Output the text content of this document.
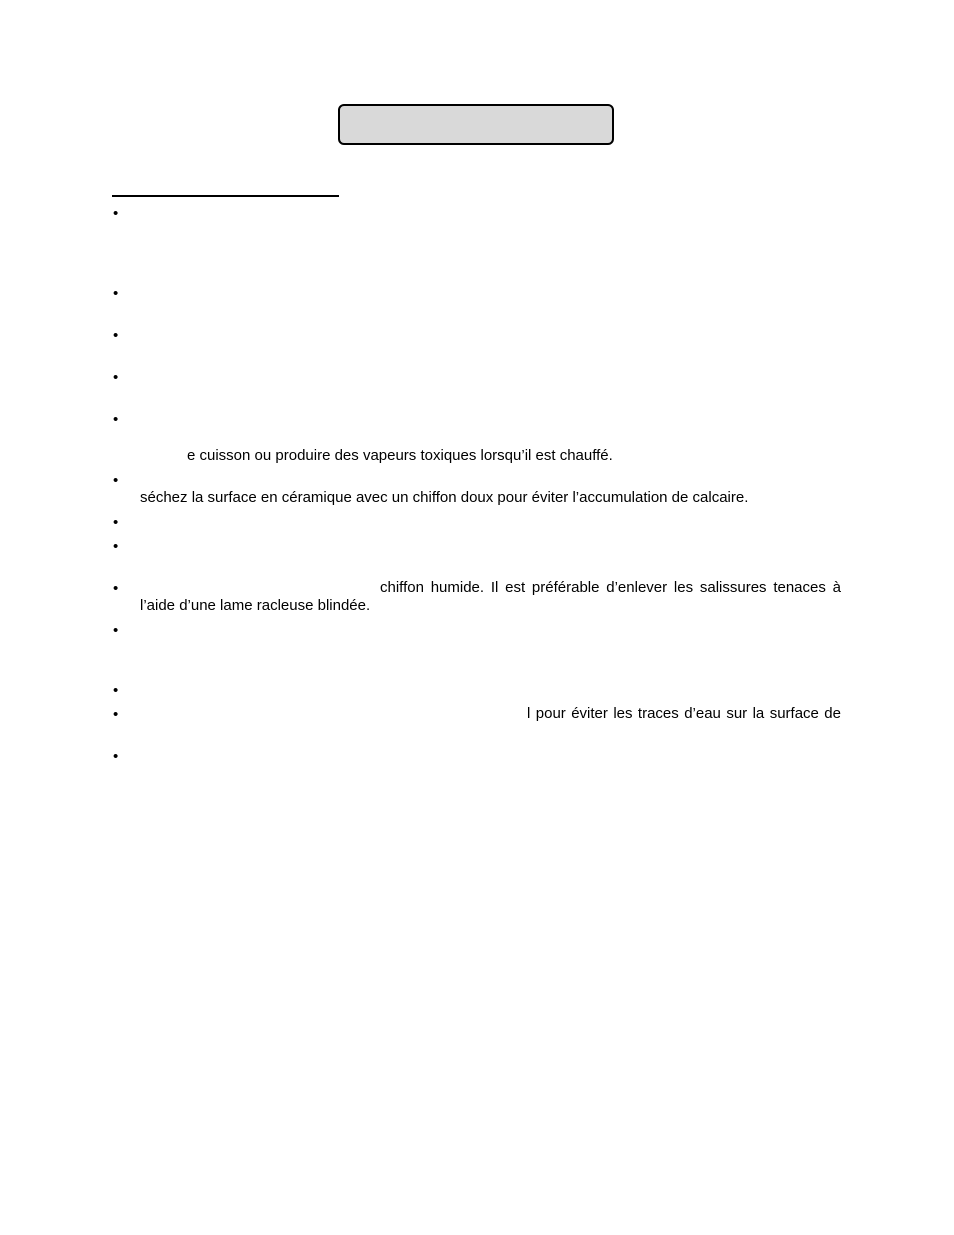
•
•
•
•
•
•
•
•
•
•
•
•
•
e cuisson ou produire des vapeurs toxiques lorsqu’il est chauffé.
séchez la surface en céramique avec un chiffon doux pour éviter l’accumulation de calcaire.
chiffon humide. Il est préférable d’enlever les salissures tenaces à
l’aide d’une lame racleuse blindée.
l pour éviter les traces d’eau sur la surface de
